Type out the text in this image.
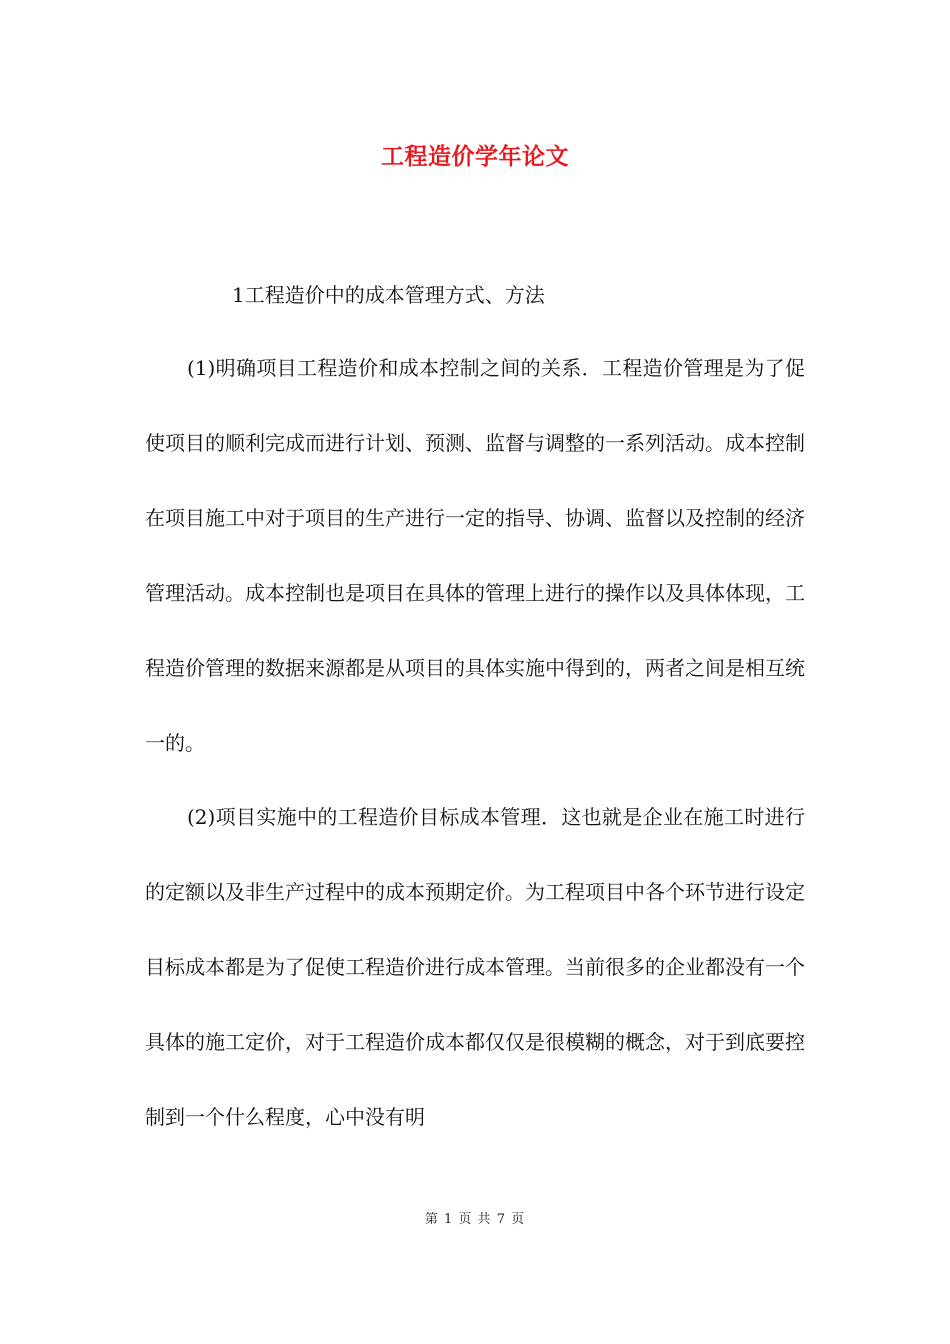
工程造价学年论文
1工程造价中的成本管理方式、方法

(1)明确项目工程造价和成本控制之间的关系．工程造价管理是为了促使项目的顺利完成而进行计划、预测、监督与调整的一系列活动。成本控制在项目施工中对于项目的生产进行一定的指导、协调、监督以及控制的经济管理活动。成本控制也是项目在具体的管理上进行的操作以及具体体现，工程造价管理的数据来源都是从项目的具体实施中得到的，两者之间是相互统一的。

(2)项目实施中的工程造价目标成本管理．这也就是企业在施工时进行的定额以及非生产过程中的成本预期定价。为工程项目中各个环节进行设定目标成本都是为了促使工程造价进行成本管理。当前很多的企业都没有一个具体的施工定价，对于工程造价成本都仅仅是很模糊的概念，对于到底要控制到一个什么程度，心中没有明

第 1 页 共 7 页
